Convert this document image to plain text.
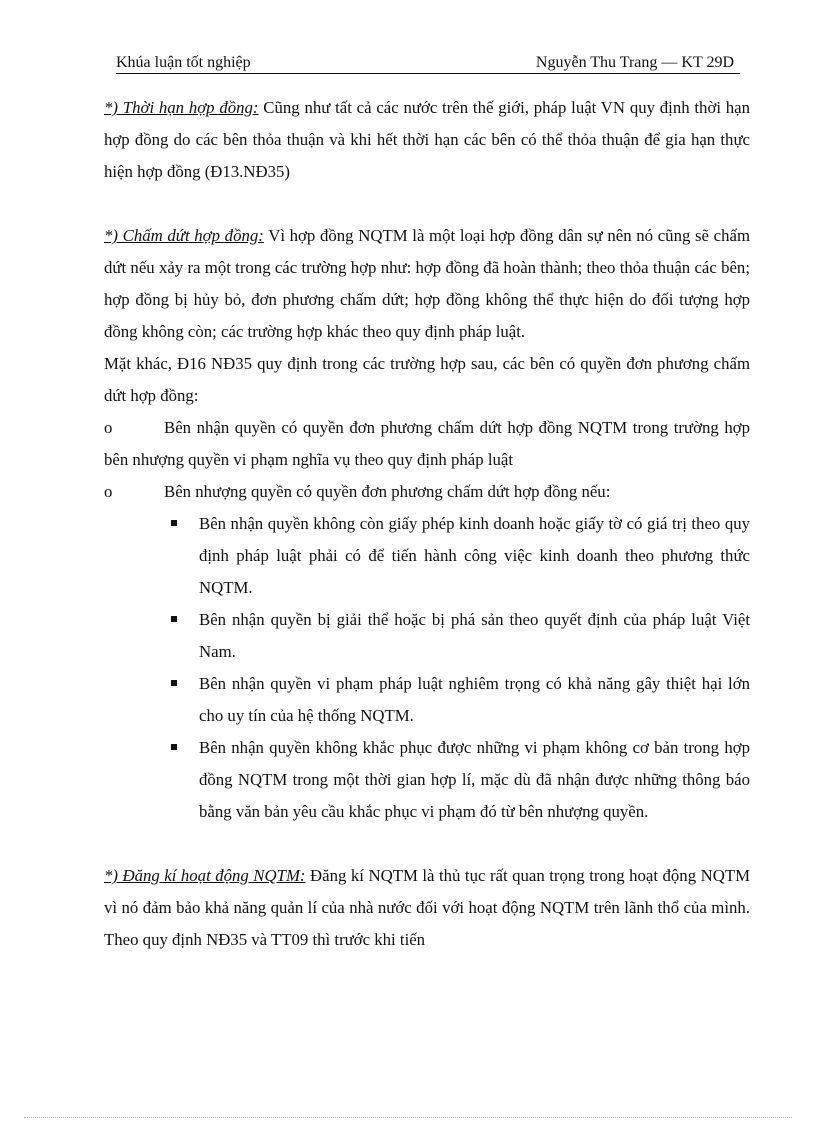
Khúa luận tốt nghiệp	Nguyễn Thu Trang — KT 29D

*) Thời hạn hợp đồng: Cũng như tất cả các nước trên thế giới, pháp luật VN quy định thời hạn hợp đồng do các bên thỏa thuận và khi hết thời hạn các bên có thể thỏa thuận để gia hạn thực hiện hợp đồng (Đ13.NĐ35)

*) Chấm dứt hợp đồng: Vì hợp đồng NQTM là một loại hợp đồng dân sự nên nó cũng sẽ chấm dứt nếu xảy ra một trong các trường hợp như: hợp đồng đã hoàn thành; theo thỏa thuận các bên; hợp đồng bị hủy bỏ, đơn phương chấm dứt; hợp đồng không thể thực hiện do đối tượng hợp đồng không còn; các trường hợp khác theo quy định pháp luật.

Mặt khác, Đ16 NĐ35 quy định trong các trường hợp sau, các bên có quyền đơn phương chấm dứt hợp đồng:

o	Bên nhận quyền có quyền đơn phương chấm dứt hợp đồng NQTM trong trường hợp bên nhượng quyền vi phạm nghĩa vụ theo quy định pháp luật

o	Bên nhượng quyền có quyền đơn phương chấm dứt hợp đồng nếu:

Bên nhận quyền không còn giấy phép kinh doanh hoặc giấy tờ có giá trị theo quy định pháp luật phải có để tiến hành công việc kinh doanh theo phương thức NQTM.
Bên nhận quyền bị giải thể hoặc bị phá sản theo quyết định của pháp luật Việt Nam.
Bên nhận quyền vi phạm pháp luật nghiêm trọng có khả năng gây thiệt hại lớn cho uy tín của hệ thống NQTM.
Bên nhận quyền không khắc phục được những vi phạm không cơ bản trong hợp đồng NQTM trong một thời gian hợp lí, mặc dù đã nhận được những thông báo bằng văn bản yêu cầu khắc phục vi phạm đó từ bên nhượng quyền.

*) Đăng kí hoạt động NQTM: Đăng kí NQTM là thủ tục rất quan trọng trong hoạt động NQTM vì nó đảm bảo khả năng quản lí của nhà nước đối với hoạt động NQTM trên lãnh thổ của mình. Theo quy định NĐ35 và TT09 thì trước khi tiến
